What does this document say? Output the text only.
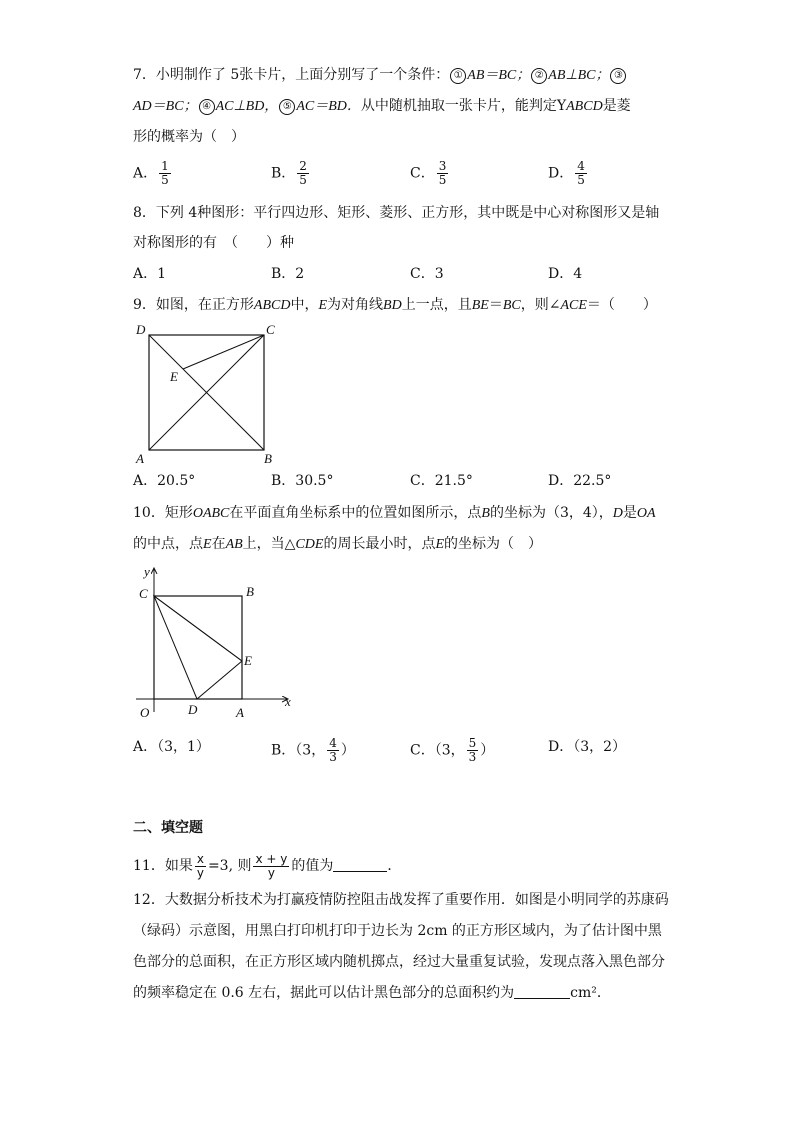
7．小明制作了 5张卡片，上面分别写了一个条件： ① AB＝BC； ② AB⊥BC； ③
AD＝BC； ④ AC⊥BD， ⑤ AC＝BD．从中随机抽取一张卡片，能判定YABCD是菱
形的概率为（　）
A． $\frac{1}{5}$	B． $\frac{2}{5}$	C． $\frac{3}{5}$	D． $\frac{4}{5}$
8．下列 4种图形：平行四边形、矩形、菱形、正方形，其中既是中心对称图形又是轴
对称图形的有　（　　）种
A．1	B．2	C．3	D．4
9．如图，在正方形ABCD中，E为对角线BD上一点，且BE＝BC，则∠ACE＝（　　）
D	C
E
A	B
A．20.5°	B．30.5°	C．21.5°	D．22.5°
10．矩形OABC在平面直角坐标系中的位置如图所示，点B的坐标为（3，4），D是OA
的中点，点E在AB上，当△CDE的周长最小时，点E的坐标为（　）
y
x
C	B
E
O	D	A
A．（3，1）	B．（3， $\frac{4}{3}$ ）	C．（3， $\frac{5}{3}$ ）	D．（3，2）
二、填空题
11．如果 $\frac{x}{y} =3$, 则 $\frac{x + y}{y}$ 的值为	．
12．大数据分析技术为打赢疫情防控阻击战发挥了重要作用．如图是小明同学的苏康码
（绿码）示意图，用黑白打印机打印于边长为 2cm 的正方形区域内，为了估计图中黑
色部分的总面积，在正方形区域内随机掷点，经过大量重复试验，发现点落入黑色部分
的频率稳定在 0.6 左右，据此可以估计黑色部分的总面积约为	cm²．
